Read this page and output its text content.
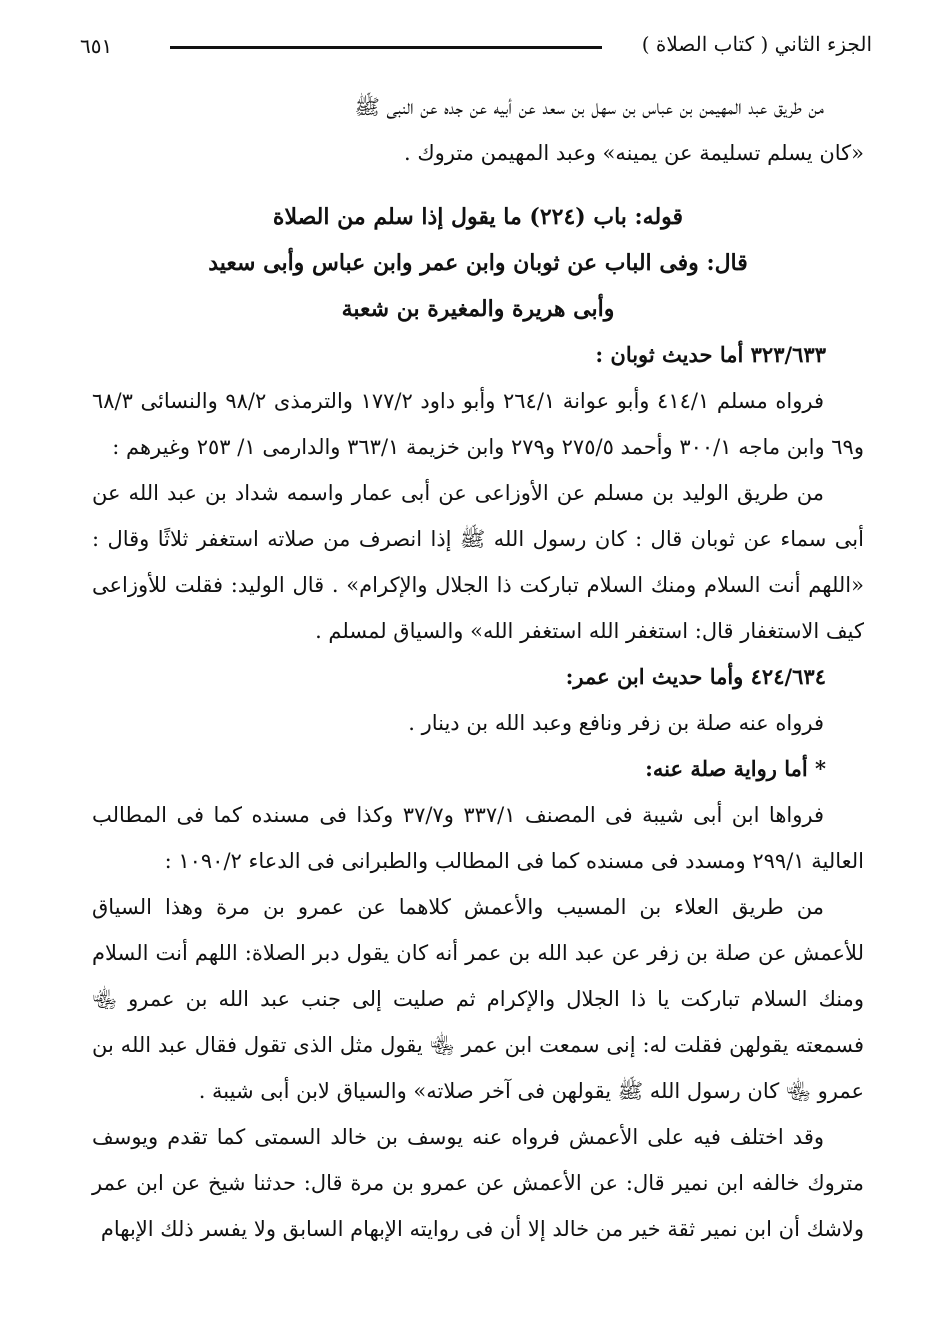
٦٥١	الجزء الثاني ( كتاب الصلاة )

من طريق عبد المهيمن بن عباس بن سهل بن سعد عن أبيه عن جده عن النبى ﷺ

«كان يسلم تسليمة عن يمينه» وعبد المهيمن متروك .

قوله: باب (٢٢٤) ما يقول إذا سلم من الصلاة

قال: وفى الباب عن ثوبان وابن عمر وابن عباس وأبى سعيد

وأبى هريرة والمغيرة بن شعبة

٣٢٣/٦٣٣ أما حديث ثوبان :

فرواه مسلم ٤١٤/١ وأبو عوانة ٢٦٤/١ وأبو داود ١٧٧/٢ والترمذى ٩٨/٢ والنسائى ٦٨/٣ و٦٩ وابن ماجه ٣٠٠/١ وأحمد ٢٧٥/٥ و٢٧٩ وابن خزيمة ٣٦٣/١ والدارمى ١/ ٢٥٣ وغيرهم :

من طريق الوليد بن مسلم عن الأوزاعى عن أبى عمار واسمه شداد بن عبد الله عن أبى سماء عن ثوبان قال : كان رسول الله ﷺ إذا انصرف من صلاته استغفر ثلاثًا وقال : «اللهم أنت السلام ومنك السلام تباركت ذا الجلال والإكرام» . قال الوليد: فقلت للأوزاعى كيف الاستغفار قال: استغفر الله استغفر الله» والسياق لمسلم .

٤٢٤/٦٣٤ وأما حديث ابن عمر:

فرواه عنه صلة بن زفر ونافع وعبد الله بن دينار .

* أما رواية صلة عنه:

فرواها ابن أبى شيبة فى المصنف ٣٣٧/١ و٣٧/٧ وكذا فى مسنده كما فى المطالب العالية ٢٩٩/١ ومسدد فى مسنده كما فى المطالب والطبرانى فى الدعاء ١٠٩٠/٢ :

من طريق العلاء بن المسيب والأعمش كلاهما عن عمرو بن مرة وهذا السياق للأعمش عن صلة بن زفر عن عبد الله بن عمر أنه كان يقول دبر الصلاة: اللهم أنت السلام ومنك السلام تباركت يا ذا الجلال والإكرام ثم صليت إلى جنب عبد الله بن عمرو ﵄ فسمعته يقولهن فقلت له: إنى سمعت ابن عمر ﵄ يقول مثل الذى تقول فقال عبد الله بن عمرو ﵄ كان رسول الله ﷺ يقولهن فى آخر صلاته» والسياق لابن أبى شيبة .

وقد اختلف فيه على الأعمش فرواه عنه يوسف بن خالد السمتى كما تقدم ويوسف متروك خالفه ابن نمير قال: عن الأعمش عن عمرو بن مرة قال: حدثنا شيخ عن ابن عمر ولاشك أن ابن نمير ثقة خير من خالد إلا أن فى روايته الإبهام السابق ولا يفسر ذلك الإبهام
